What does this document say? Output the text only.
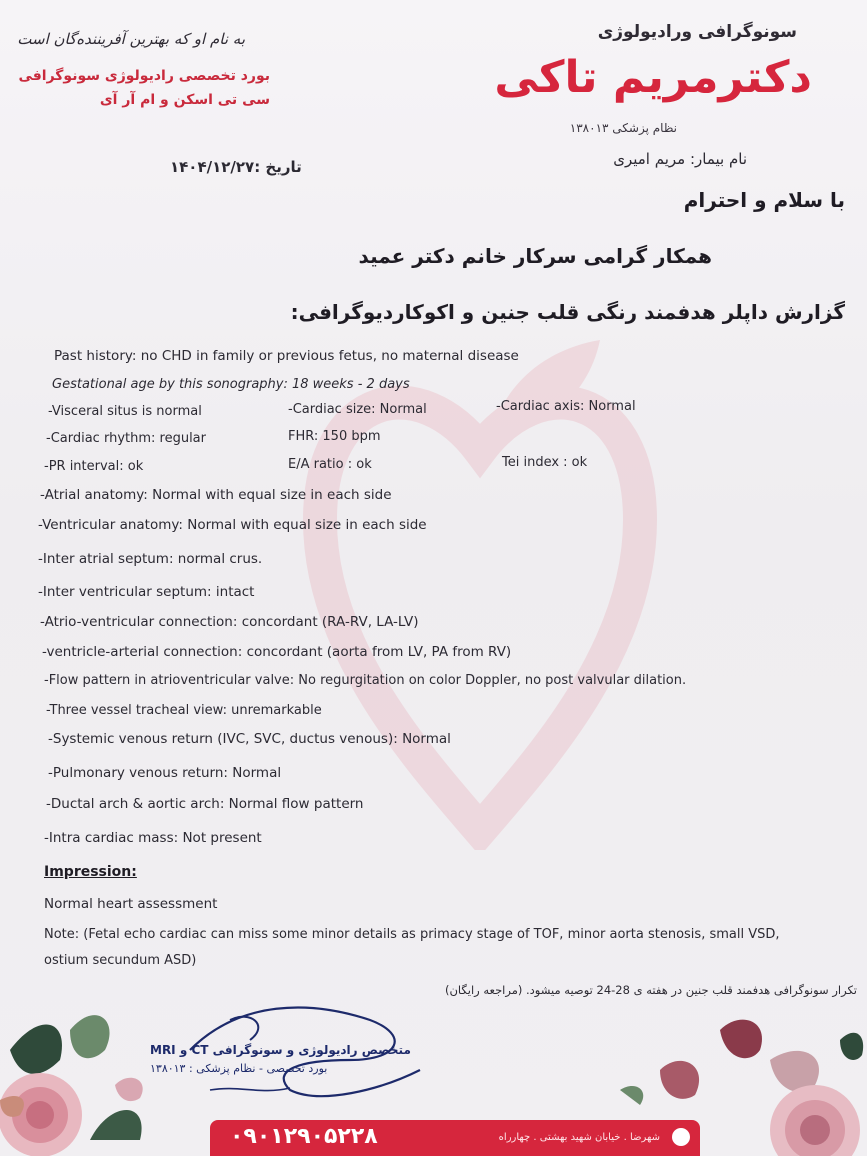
سونوگرافی ورادیولوژی
دکترمریم تاکی
نظام پزشکی ۱۳۸۰۱۳
به نام او که بهترین آفریننده‌گان است
بورد تخصصی رادیولوژی سونوگرافی
سی تی اسکن و ام آر آی
تاریخ :۱۴۰۴/۱۲/۲۷	نام بیمار: مریم امیری
با سلام و احترام
همکار گرامی سرکار خانم دکتر عمید
گزارش داپلر هدفمند رنگی قلب جنین و اکوکاردیوگرافی:
Past history: no CHD in family or previous fetus, no maternal disease
Gestational age by this sonography: 18 weeks - 2 days
-Visceral situs is normal	-Cardiac size: Normal	-Cardiac axis: Normal
-Cardiac rhythm: regular	FHR: 150 bpm
-PR interval: ok	E/A ratio : ok	Tei index : ok
-Atrial anatomy: Normal with equal size in each side
-Ventricular anatomy: Normal with equal size in each side
-Inter atrial septum: normal crus.
-Inter ventricular septum: intact
-Atrio-ventricular connection: concordant (RA-RV, LA-LV)
-ventricle-arterial connection: concordant (aorta from LV, PA from RV)
-Flow pattern in atrioventricular valve: No regurgitation on color Doppler, no post valvular dilation.
-Three vessel tracheal view: unremarkable
-Systemic venous return (IVC, SVC, ductus venous): Normal
-Pulmonary venous return: Normal
-Ductal arch & aortic arch: Normal flow pattern
-Intra cardiac mass: Not present
Impression:
Normal heart assessment
Note: (Fetal echo cardiac can miss some minor details as primacy stage of TOF, minor aorta stenosis, small VSD,
ostium secundum ASD)
تکرار سونوگرافی هدفمند قلب جنین در هفته ی 28-24 توصیه میشود. (مراجعه رایگان)
متخصص رادیولوژی و سونوگرافی CT و MRI
بورد تخصصی - نظام پزشکی : ۱۳۸۰۱۳
۰۹۰۱۲۹۰۵۲۲۸	شهرضا . خیابان شهید بهشتی . چهارراه
